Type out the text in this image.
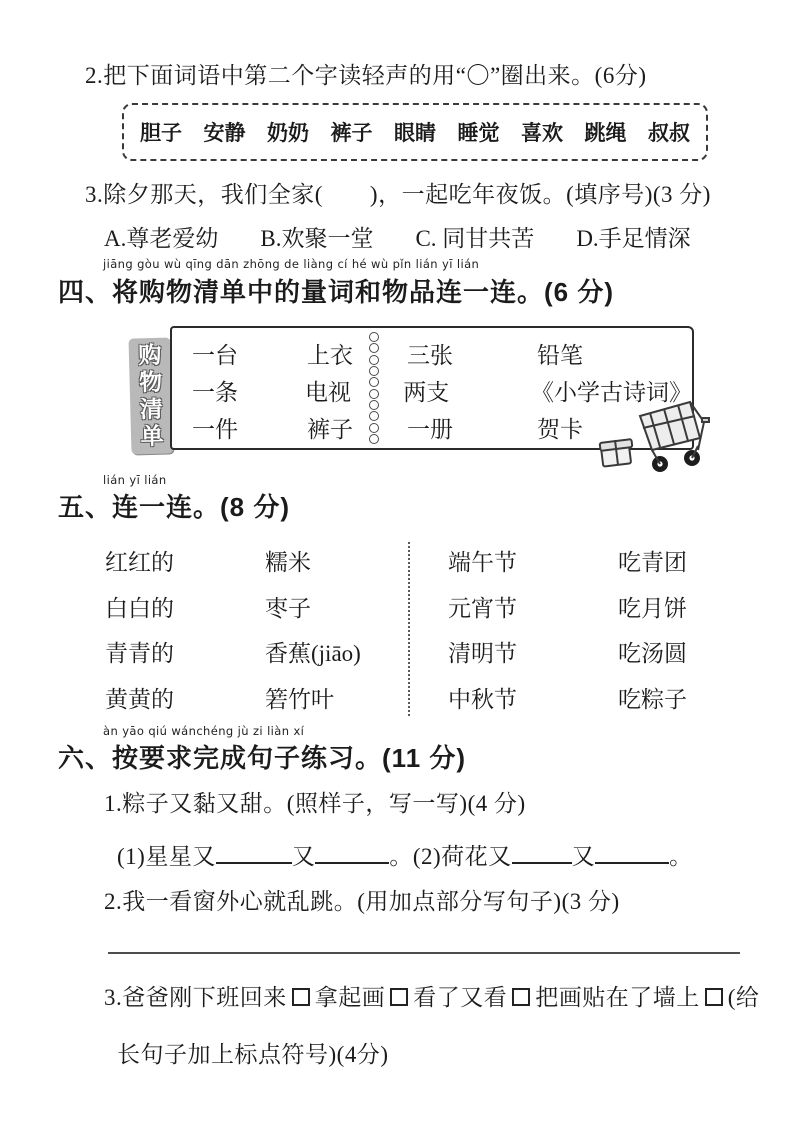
2.把下面词语中第二个字读轻声的用“〇”圈出来。(6分)
胆子 安静 奶奶 裤子 眼睛 睡觉 喜欢 跳绳 叔叔
3.除夕那天，我们全家(　　)，一起吃年夜饭。(填序号)(3 分)
A.尊老爱幼 B.欢聚一堂 C. 同甘共苦 D.手足情深
jiāng gòu wù qīng dān zhōng de liàng cí hé wù pǐn lián yī lián
四、将购物清单中的量词和物品连一连。(6 分)
购
物
清
单
一台	上衣	三张	铅笔
一条	电视	两支	《小学古诗词》
一件	裤子	一册	贺卡
lián yī lián
五、连一连。(8 分)
红红的	糯米	端午节	吃青团
白白的	枣子	元宵节	吃月饼
青青的	香蕉(jiāo)	清明节	吃汤圆
黄黄的	箬竹叶	中秋节	吃粽子
àn yāo qiú wánchéng jù zi liàn xí
六、按要求完成句子练习。(11 分)
1.粽子又黏又甜。(照样子，写一写)(4 分)
(1)星星又	又	。(2)荷花又	又	。
2.我一看窗外心就乱跳。(用加点部分写句子)(3 分)
3.爸爸刚下班回来 拿起画 看了又看 把画贴在了墙上 (给
长句子加上标点符号)(4分)
